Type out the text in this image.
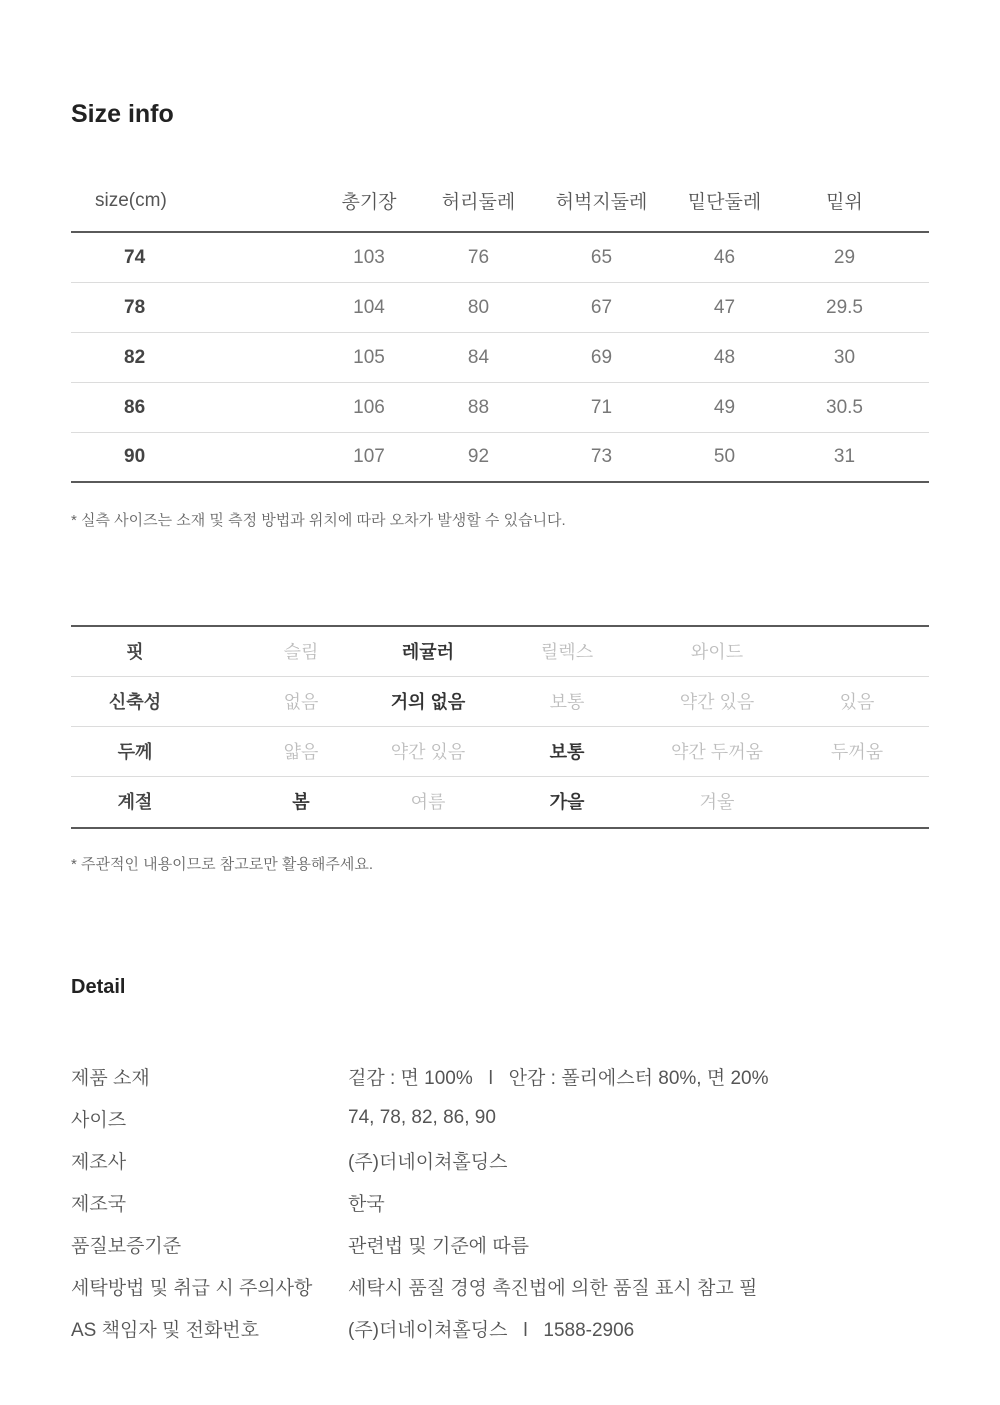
Size info
size(cm)	총기장	허리둘레	허벅지둘레	밑단둘레	밑위
74	103	76	65	46	29
78	104	80	67	47	29.5
82	105	84	69	48	30
86	106	88	71	49	30.5
90	107	92	73	50	31
* 실측 사이즈는 소재 및 측정 방법과 위치에 따라 오차가 발생할 수 있습니다.
핏	슬림	레귤러	릴렉스	와이드
신축성	없음	거의 없음	보통	약간 있음	있음
두께	얇음	약간 있음	보통	약간 두꺼움	두꺼움
계절	봄	여름	가을	겨울
* 주관적인 내용이므로 참고로만 활용해주세요.
Detail
제품 소재	겉감 : 면 100%   l   안감 : 폴리에스터 80%, 면 20%
사이즈	74, 78, 82, 86, 90
제조사	(주)더네이쳐홀딩스
제조국	한국
품질보증기준	관련법 및 기준에 따름
세탁방법 및 취급 시 주의사항	세탁시 품질 경영 촉진법에 의한 품질 표시 참고 필
AS 책임자 및 전화번호	(주)더네이쳐홀딩스   l   1588-2906
